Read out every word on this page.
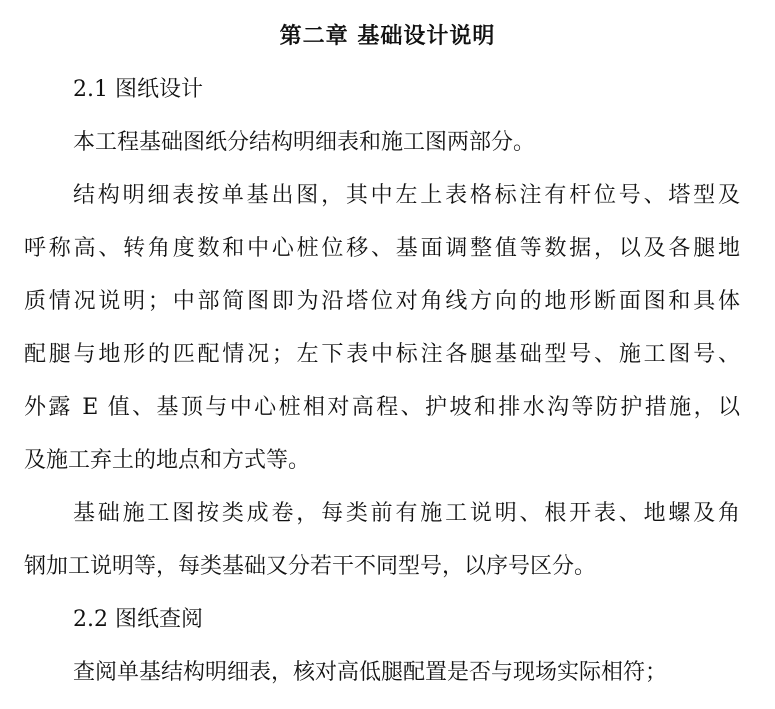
第二章 基础设计说明

2.1 图纸设计

本工程基础图纸分结构明细表和施工图两部分。

结构明细表按单基出图，其中左上表格标注有杆位号、塔型及

呼称高、转角度数和中心桩位移、基面调整值等数据，以及各腿地

质情况说明；中部简图即为沿塔位对角线方向的地形断面图和具体

配腿与地形的匹配情况；左下表中标注各腿基础型号、施工图号、

外露 E 值、基顶与中心桩相对高程、护坡和排水沟等防护措施，以

及施工弃土的地点和方式等。

基础施工图按类成卷，每类前有施工说明、根开表、地螺及角

钢加工说明等，每类基础又分若干不同型号，以序号区分。

2.2 图纸查阅

查阅单基结构明细表，核对高低腿配置是否与现场实际相符；
